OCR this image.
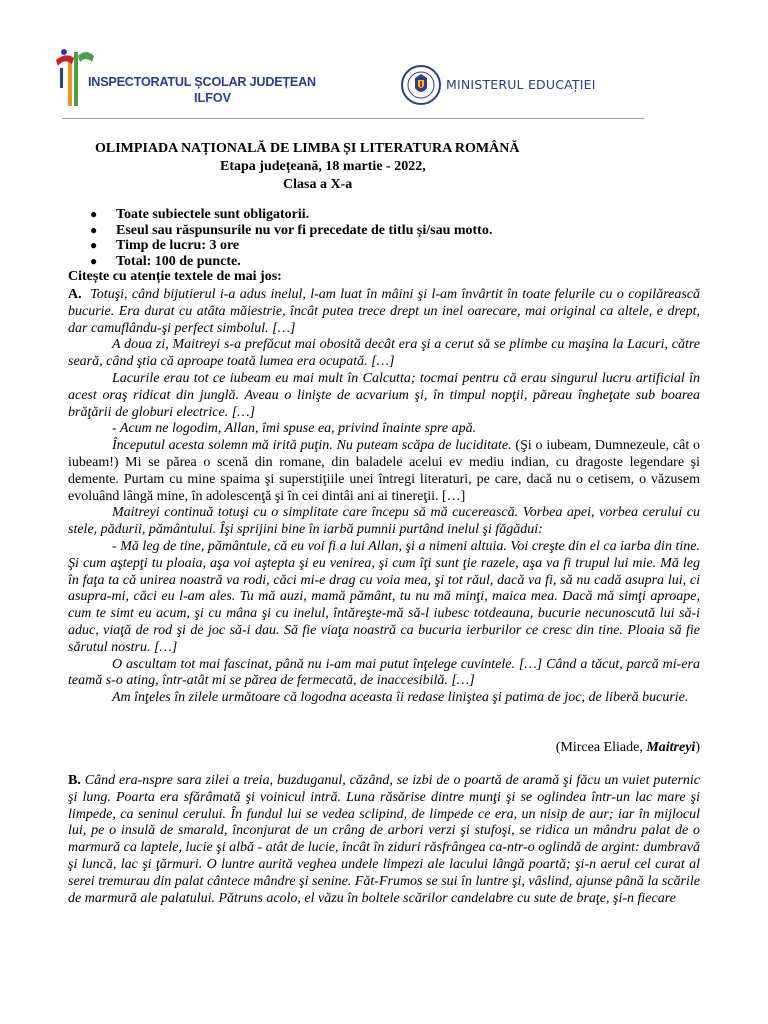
INSPECTORATUL ȘCOLAR JUDEȚEAN
ILFOV
MINISTERUL EDUCAȚIEI
OLIMPIADA NAȚIONALĂ DE LIMBA ȘI LITERATURA ROMÂNĂ
Etapa județeană, 18 martie - 2022,
Clasa a X-a
● Toate subiectele sunt obligatorii.
● Eseul sau răspunsurile nu vor fi precedate de titlu și/sau motto.
● Timp de lucru: 3 ore
● Total: 100 de puncte.
Citește cu atenție textele de mai jos:

A. Totuşi, când bijutierul i-a adus inelul, l-am luat în mâini şi l-am învârtit în toate felurile cu o copilărească bucurie. Era durat cu atâta măiestrie, încât putea trece drept un inel oarecare, mai original ca altele, e drept, dar camuflându-şi perfect simbolul. […]

A doua zi, Maitreyi s-a prefăcut mai obosită decât era şi a cerut să se plimbe cu maşina la Lacuri, către seară, când ştia că aproape toată lumea era ocupată. […]

Lacurile erau tot ce iubeam eu mai mult în Calcutta; tocmai pentru că erau singurul lucru artificial în acest oraş ridicat din junglă. Aveau o linişte de acvarium şi, în timpul nopţii, păreau îngheţate sub boarea brăţării de globuri electrice. […]

- Acum ne logodim, Allan, îmi spuse ea, privind înainte spre apă.

Începutul acesta solemn mă irită puţin. Nu puteam scăpa de luciditate. (Şi o iubeam, Dumnezeule, cât o iubeam!) Mi se părea o scenă din romane, din baladele acelui ev mediu indian, cu dragoste legendare şi demente. Purtam cu mine spaima şi superstiţiile unei întregi literaturi, pe care, dacă nu o cetisem, o văzusem evoluând lângă mine, în adolescenţă şi în cei dintâi ani ai tinereţii. […]

Maitreyi continuă totuşi cu o simplitate care începu să mă cucerească. Vorbea apei, vorbea cerului cu stele, pădurii, pământului. Îşi sprijini bine în iarbă pumnii purtând inelul şi făgădui:

- Mă leg de tine, pământule, că eu voi fi a lui Allan, şi a nimeni altuia. Voi creşte din el ca iarba din tine. Şi cum aştepţi tu ploaia, aşa voi aştepta şi eu venirea, şi cum îţi sunt ţie razele, aşa va fi trupul lui mie. Mă leg în faţa ta că unirea noastră va rodi, căci mi-e drag cu voia mea, şi tot răul, dacă va fi, să nu cadă asupra lui, ci asupra-mi, căci eu l-am ales. Tu mă auzi, mamă pământ, tu nu mă minţi, maica mea. Dacă mă simţi aproape, cum te simt eu acum, şi cu mâna şi cu inelul, întăreşte-mă să-l iubesc totdeauna, bucurie necunoscută lui să-i aduc, viaţă de rod şi de joc să-i dau. Să fie viaţa noastră ca bucuria ierburilor ce cresc din tine. Ploaia să fie sărutul nostru. […]

O ascultam tot mai fascinat, până nu i-am mai putut înţelege cuvintele. […] Când a tăcut, parcă mi-era teamă s-o ating, într-atât mi se părea de fermecată, de inaccesibilă. […]

Am înţeles în zilele următoare că logodna aceasta îi redase liniştea şi patima de joc, de liberă bucurie.

(Mircea Eliade, Maitreyi)

B. Când era-nspre sara zilei a treia, buzduganul, căzând, se izbi de o poartă de aramă şi făcu un vuiet puternic şi lung. Poarta era sfărâmată şi voinicul intră. Luna răsărise dintre munţi şi se oglindea într-un lac mare şi limpede, ca seninul cerului. În fundul lui se vedea sclipind, de limpede ce era, un nisip de aur; iar în mijlocul lui, pe o insulă de smarald, înconjurat de un crâng de arbori verzi şi stufoşi, se ridica un mândru palat de o marmură ca laptele, lucie şi albă - atât de lucie, încât în ziduri răsfrângea ca-ntr-o oglindă de argint: dumbravă şi luncă, lac şi ţărmuri. O luntre aurită veghea undele limpezi ale lacului lângă poartă; şi-n aerul cel curat al serei tremurau din palat cântece mândre şi senine. Făt-Frumos se sui în luntre şi, vâslind, ajunse până la scările de marmură ale palatului. Pătruns acolo, el văzu în boltele scărilor candelabre cu sute de braţe, şi-n fiecare
